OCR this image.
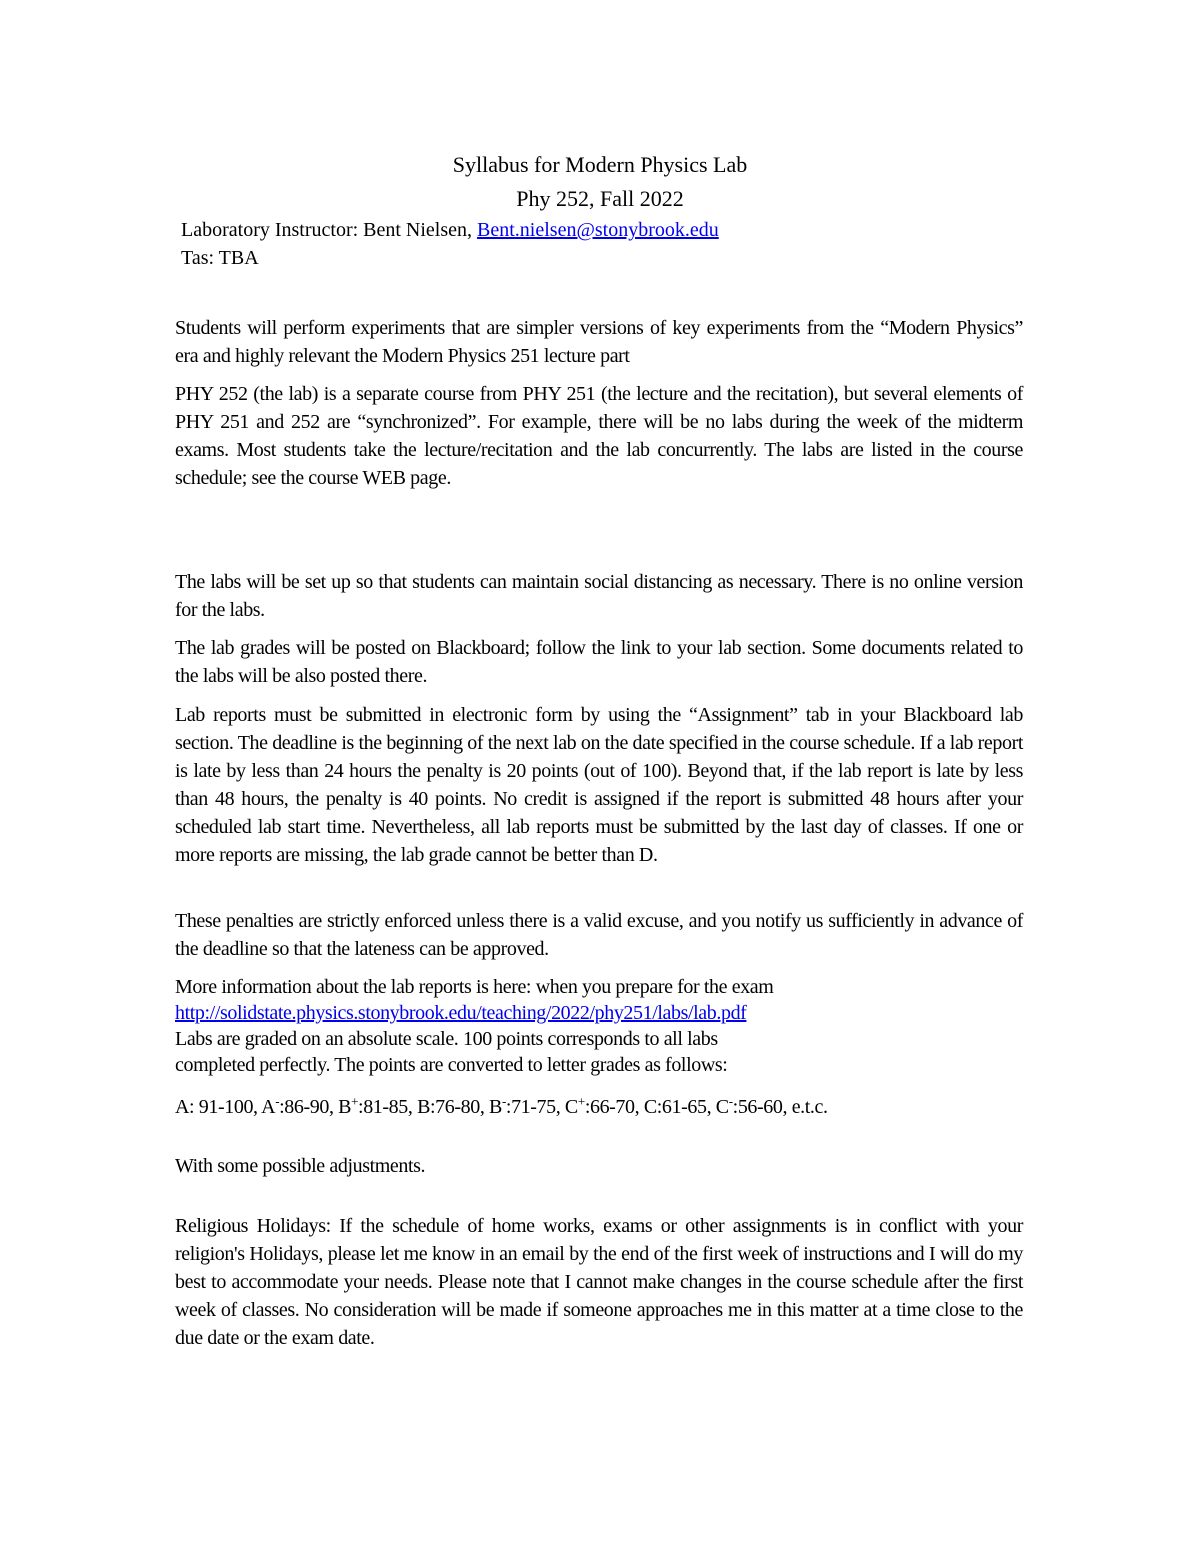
Syllabus for Modern Physics Lab
Phy 252, Fall 2022
Laboratory Instructor: Bent Nielsen, Bent.nielsen@stonybrook.edu
Tas: TBA

Students will perform experiments that are simpler versions of key experiments from the “Modern Physics” era and highly relevant the Modern Physics 251 lecture part

PHY 252 (the lab) is a separate course from PHY 251 (the lecture and the recitation), but several elements of PHY 251 and 252 are “synchronized”. For example, there will be no labs during the week of the midterm exams. Most students take the lecture/recitation and the lab concurrently. The labs are listed in the course schedule; see the course WEB page.

The labs will be set up so that students can maintain social distancing as necessary. There is no online version for the labs.

The lab grades will be posted on Blackboard; follow the link to your lab section. Some documents related to the labs will be also posted there.

Lab reports must be submitted in electronic form by using the “Assignment” tab in your Blackboard lab section. The deadline is the beginning of the next lab on the date specified in the course schedule. If a lab report is late by less than 24 hours the penalty is 20 points (out of 100). Beyond that, if the lab report is late by less than 48 hours, the penalty is 40 points. No credit is assigned if the report is submitted 48 hours after your scheduled lab start time. Nevertheless, all lab reports must be submitted by the last day of classes. If one or more reports are missing, the lab grade cannot be better than D.

These penalties are strictly enforced unless there is a valid excuse, and you notify us sufficiently in advance of the deadline so that the lateness can be approved.

More information about the lab reports is here: when you prepare for the exam
http://solidstate.physics.stonybrook.edu/teaching/2022/phy251/labs/lab.pdf
Labs are graded on an absolute scale. 100 points corresponds to all labs
completed perfectly. The points are converted to letter grades as follows:
A: 91-100, A-:86-90, B+:81-85, B:76-80, B-:71-75, C+:66-70, C:61-65, C-:56-60, e.t.c.

With some possible adjustments.

Religious Holidays: If the schedule of home works, exams or other assignments is in conflict with your religion's Holidays, please let me know in an email by the end of the first week of instructions and I will do my best to accommodate your needs. Please note that I cannot make changes in the course schedule after the first week of classes. No consideration will be made if someone approaches me in this matter at a time close to the due date or the exam date.
